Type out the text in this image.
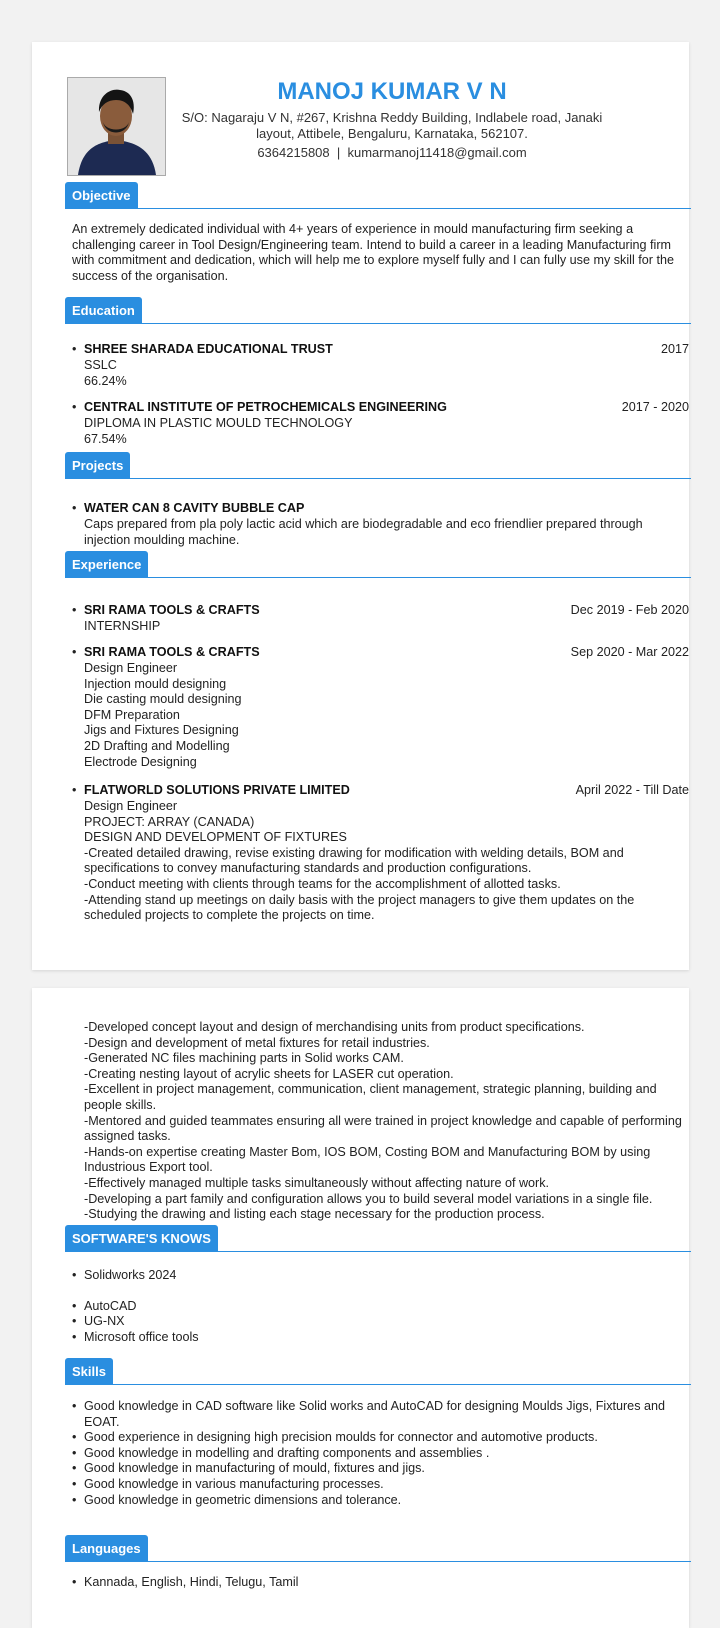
MANOJ KUMAR V N
S/O: Nagaraju V N, #267, Krishna Reddy Building, Indlabele road, Janaki layout, Attibele, Bengaluru, Karnataka, 562107.
6364215808 | kumarmanoj11418@gmail.com
Objective
An extremely dedicated individual with 4+ years of experience in mould manufacturing firm seeking a challenging career in Tool Design/Engineering team. Intend to build a career in a leading Manufacturing firm with commitment and dedication, which will help me to explore myself fully and I can fully use my skill for the success of the organisation.
Education
• SHREE SHARADA EDUCATIONAL TRUST	2017
SSLC
66.24%
• CENTRAL INSTITUTE OF PETROCHEMICALS ENGINEERING	2017 - 2020
DIPLOMA IN PLASTIC MOULD TECHNOLOGY
67.54%
Projects
• WATER CAN 8 CAVITY BUBBLE CAP
Caps prepared from pla poly lactic acid which are biodegradable and eco friendlier prepared through injection moulding machine.
Experience
• SRI RAMA TOOLS & CRAFTS	Dec 2019 - Feb 2020
INTERNSHIP
• SRI RAMA TOOLS & CRAFTS	Sep 2020 - Mar 2022
Design Engineer
Injection mould designing
Die casting mould designing
DFM Preparation
Jigs and Fixtures Designing
2D Drafting and Modelling
Electrode Designing
• FLATWORLD SOLUTIONS PRIVATE LIMITED	April 2022 - Till Date
Design Engineer
PROJECT: ARRAY (CANADA)
DESIGN AND DEVELOPMENT OF FIXTURES
-Created detailed drawing, revise existing drawing for modification with welding details, BOM and specifications to convey manufacturing standards and production configurations.
-Conduct meeting with clients through teams for the accomplishment of allotted tasks.
-Attending stand up meetings on daily basis with the project managers to give them updates on the scheduled projects to complete the projects on time.
-Developed concept layout and design of merchandising units from product specifications.
-Design and development of metal fixtures for retail industries.
-Generated NC files machining parts in Solid works CAM.
-Creating nesting layout of acrylic sheets for LASER cut operation.
-Excellent in project management, communication, client management, strategic planning, building and people skills.
-Mentored and guided teammates ensuring all were trained in project knowledge and capable of performing assigned tasks.
-Hands-on expertise creating Master Bom, IOS BOM, Costing BOM and Manufacturing BOM by using Industrious Export tool.
-Effectively managed multiple tasks simultaneously without affecting nature of work.
-Developing a part family and configuration allows you to build several model variations in a single file.
-Studying the drawing and listing each stage necessary for the production process.
SOFTWARE'S KNOWS
• Solidworks 2024
• AutoCAD
• UG-NX
• Microsoft office tools
Skills
• Good knowledge in CAD software like Solid works and AutoCAD for designing Moulds Jigs, Fixtures and EOAT.
• Good experience in designing high precision moulds for connector and automotive products.
• Good knowledge in modelling and drafting components and assemblies .
• Good knowledge in manufacturing of mould, fixtures and jigs.
• Good knowledge in various manufacturing processes.
• Good knowledge in geometric dimensions and tolerance.
Languages
• Kannada, English, Hindi, Telugu, Tamil
